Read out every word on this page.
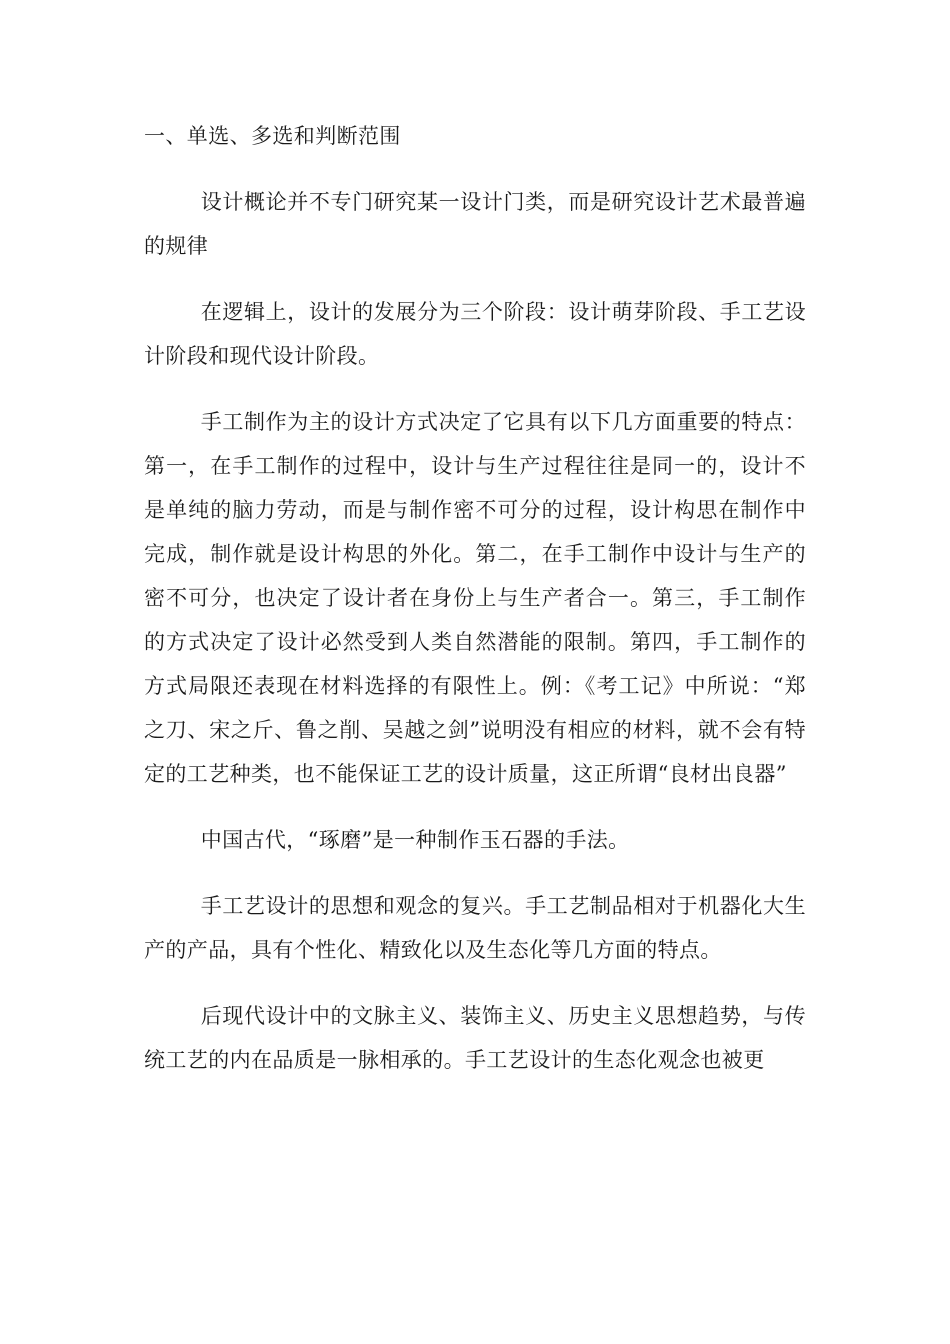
一、单选、多选和判断范围

设计概论并不专门研究某一设计门类，而是研究设计艺术最普遍的规律

在逻辑上，设计的发展分为三个阶段：设计萌芽阶段、手工艺设计阶段和现代设计阶段。

手工制作为主的设计方式决定了它具有以下几方面重要的特点：第一，在手工制作的过程中，设计与生产过程往往是同一的，设计不是单纯的脑力劳动，而是与制作密不可分的过程，设计构思在制作中完成，制作就是设计构思的外化。第二，在手工制作中设计与生产的密不可分，也决定了设计者在身份上与生产者合一。第三，手工制作的方式决定了设计必然受到人类自然潜能的限制。第四，手工制作的方式局限还表现在材料选择的有限性上。例：《考工记》中所说：“郑之刀、宋之斤、鲁之削、吴越之剑”说明没有相应的材料，就不会有特定的工艺种类，也不能保证工艺的设计质量，这正所谓“良材出良器”

中国古代，“琢磨”是一种制作玉石器的手法。

手工艺设计的思想和观念的复兴。手工艺制品相对于机器化大生产的产品，具有个性化、精致化以及生态化等几方面的特点。

后现代设计中的文脉主义、装饰主义、历史主义思想趋势，与传统工艺的内在品质是一脉相承的。手工艺设计的生态化观念也被更
